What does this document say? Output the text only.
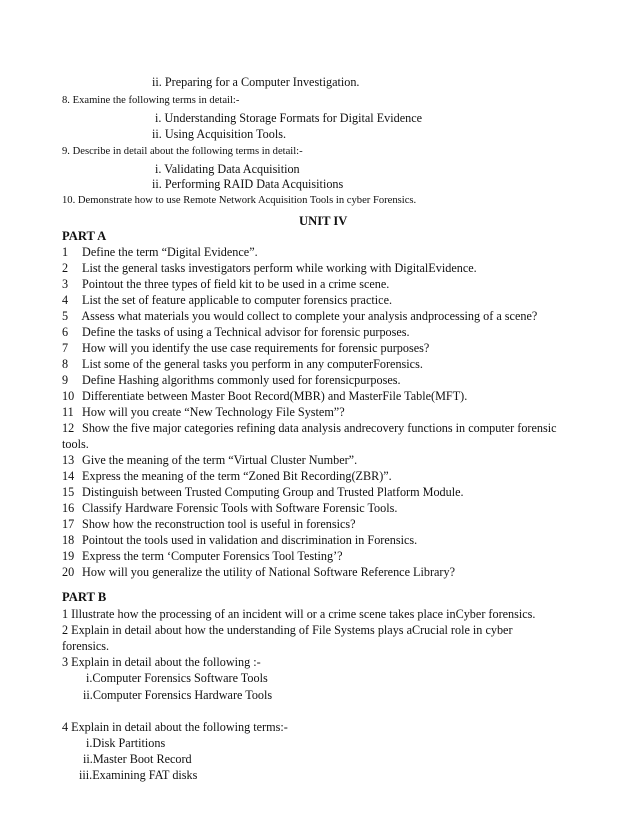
ii. Preparing for a Computer Investigation.
8. Examine the following terms in detail:-
i. Understanding Storage Formats for Digital Evidence
ii. Using Acquisition Tools.
9. Describe in detail about the following terms in detail:-
i. Validating Data Acquisition
ii. Performing RAID Data Acquisitions
10. Demonstrate how to use Remote Network Acquisition Tools in cyber Forensics.
UNIT IV
PART A
1 Define the term “Digital Evidence”.
2 List the general tasks investigators perform while working with DigitalEvidence.
3 Pointout the three types of field kit to be used in a crime scene.
4 List the set of feature applicable to computer forensics practice.
5 Assess what materials you would collect to complete your analysis andprocessing of a scene?
6 Define the tasks of using a Technical advisor for forensic purposes.
7 How will you identify the use case requirements for forensic purposes?
8 List some of the general tasks you perform in any computerForensics.
9 Define Hashing algorithms commonly used for forensicpurposes.
10 Differentiate between Master Boot Record(MBR) and MasterFile Table(MFT).
11 How will you create “New Technology File System”?
12 Show the five major categories refining data analysis andrecovery functions in computer forensic
tools.
13 Give the meaning of the term “Virtual Cluster Number”.
14 Express the meaning of the term “Zoned Bit Recording(ZBR)”.
15 Distinguish between Trusted Computing Group and Trusted Platform Module.
16 Classify Hardware Forensic Tools with Software Forensic Tools.
17 Show how the reconstruction tool is useful in forensics?
18 Pointout the tools used in validation and discrimination in Forensics.
19 Express the term ‘Computer Forensics Tool Testing’?
20 How will you generalize the utility of National Software Reference Library?
PART B
1 Illustrate how the processing of an incident will or a crime scene takes place inCyber forensics.
2 Explain in detail about how the understanding of File Systems plays aCrucial role in cyber
forensics.
3 Explain in detail about the following :-
i.Computer Forensics Software Tools
ii.Computer Forensics Hardware Tools
4 Explain in detail about the following terms:-
i.Disk Partitions
ii.Master Boot Record
iii.Examining FAT disks
